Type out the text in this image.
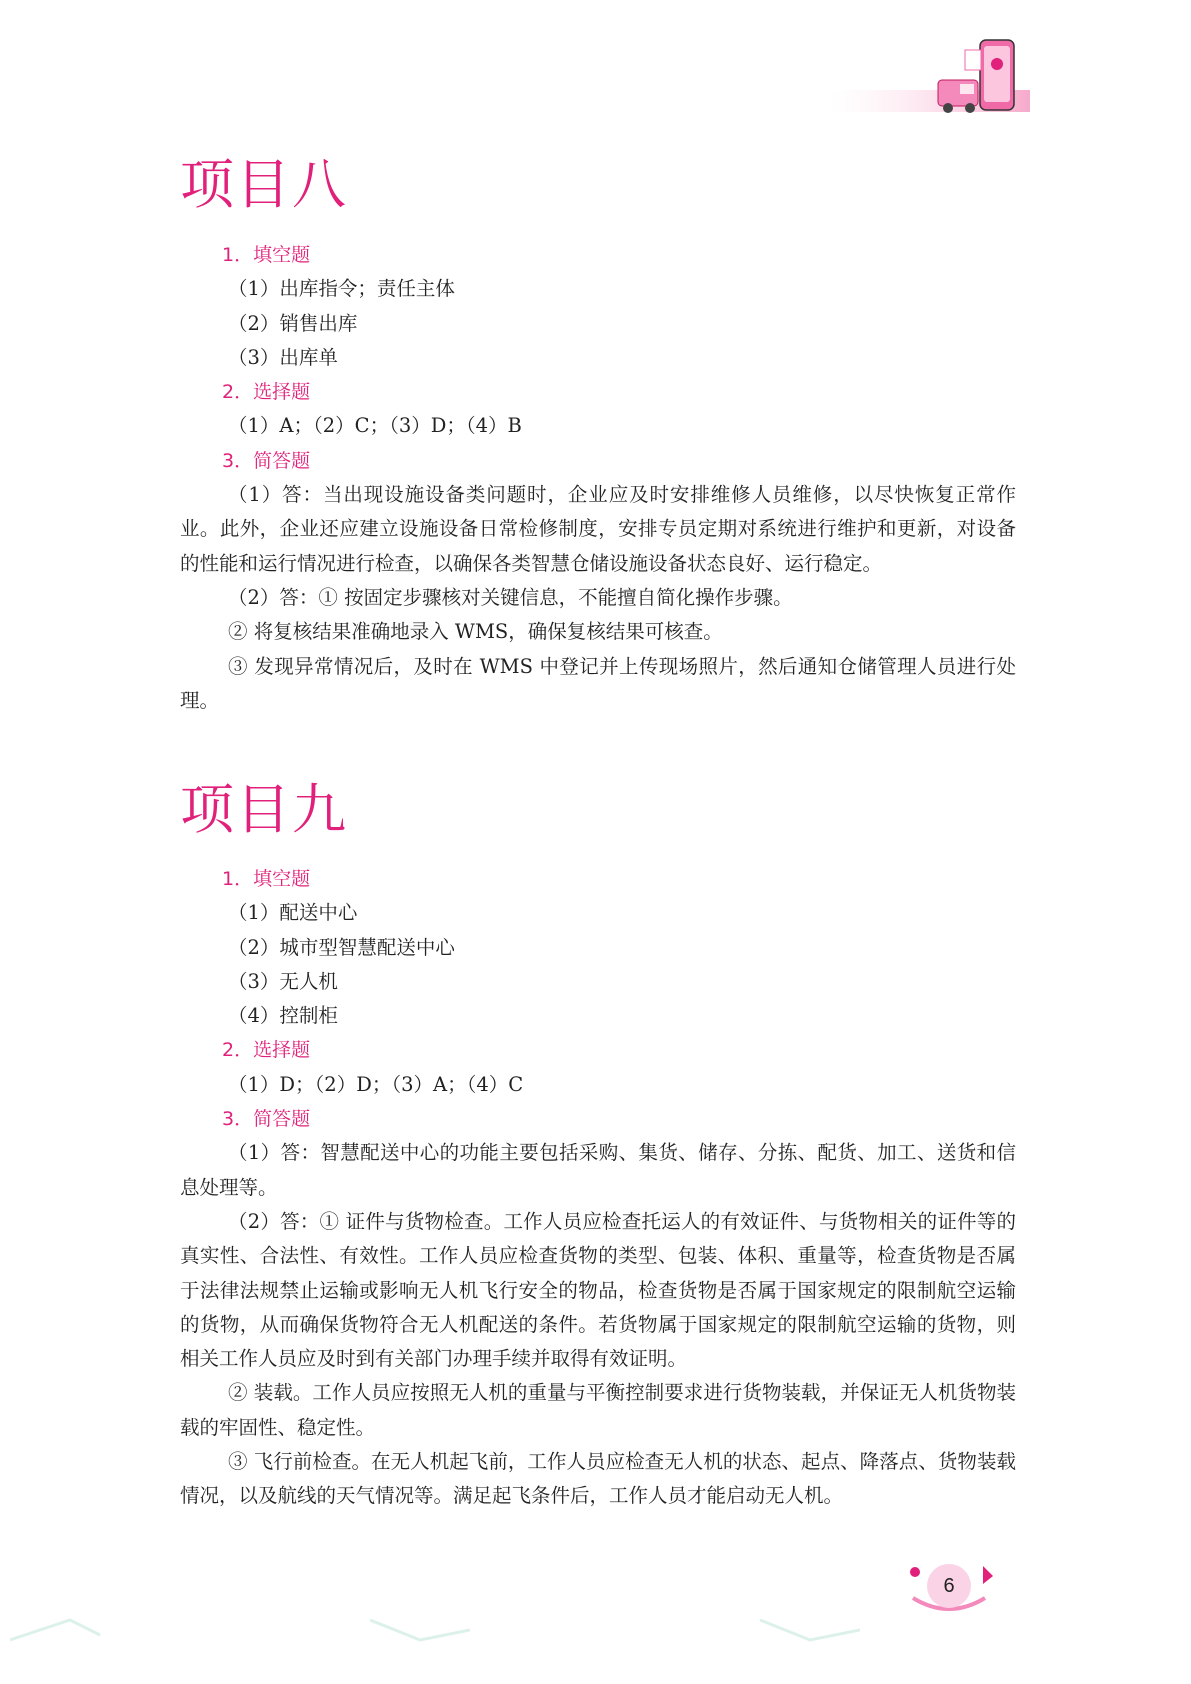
项目八

1．填空题

（1）出库指令；责任主体

（2）销售出库

（3）出库单

2．选择题

（1）A；（2）C；（3）D；（4）B

3．简答题

（1）答：当出现设施设备类问题时，企业应及时安排维修人员维修，以尽快恢复正常作业。此外，企业还应建立设施设备日常检修制度，安排专员定期对系统进行维护和更新，对设备的性能和运行情况进行检查，以确保各类智慧仓储设施设备状态良好、运行稳定。

（2）答：① 按固定步骤核对关键信息，不能擅自简化操作步骤。

② 将复核结果准确地录入 WMS，确保复核结果可核查。

③ 发现异常情况后，及时在 WMS 中登记并上传现场照片，然后通知仓储管理人员进行处理。

项目九

1．填空题

（1）配送中心

（2）城市型智慧配送中心

（3）无人机

（4）控制柜

2．选择题

（1）D；（2）D；（3）A；（4）C

3．简答题

（1）答：智慧配送中心的功能主要包括采购、集货、储存、分拣、配货、加工、送货和信息处理等。

（2）答：① 证件与货物检查。工作人员应检查托运人的有效证件、与货物相关的证件等的真实性、合法性、有效性。工作人员应检查货物的类型、包装、体积、重量等，检查货物是否属于法律法规禁止运输或影响无人机飞行安全的物品，检查货物是否属于国家规定的限制航空运输的货物，从而确保货物符合无人机配送的条件。若货物属于国家规定的限制航空运输的货物，则相关工作人员应及时到有关部门办理手续并取得有效证明。

② 装载。工作人员应按照无人机的重量与平衡控制要求进行货物装载，并保证无人机货物装载的牢固性、稳定性。

③ 飞行前检查。在无人机起飞前，工作人员应检查无人机的状态、起点、降落点、货物装载情况，以及航线的天气情况等。满足起飞条件后，工作人员才能启动无人机。

6
